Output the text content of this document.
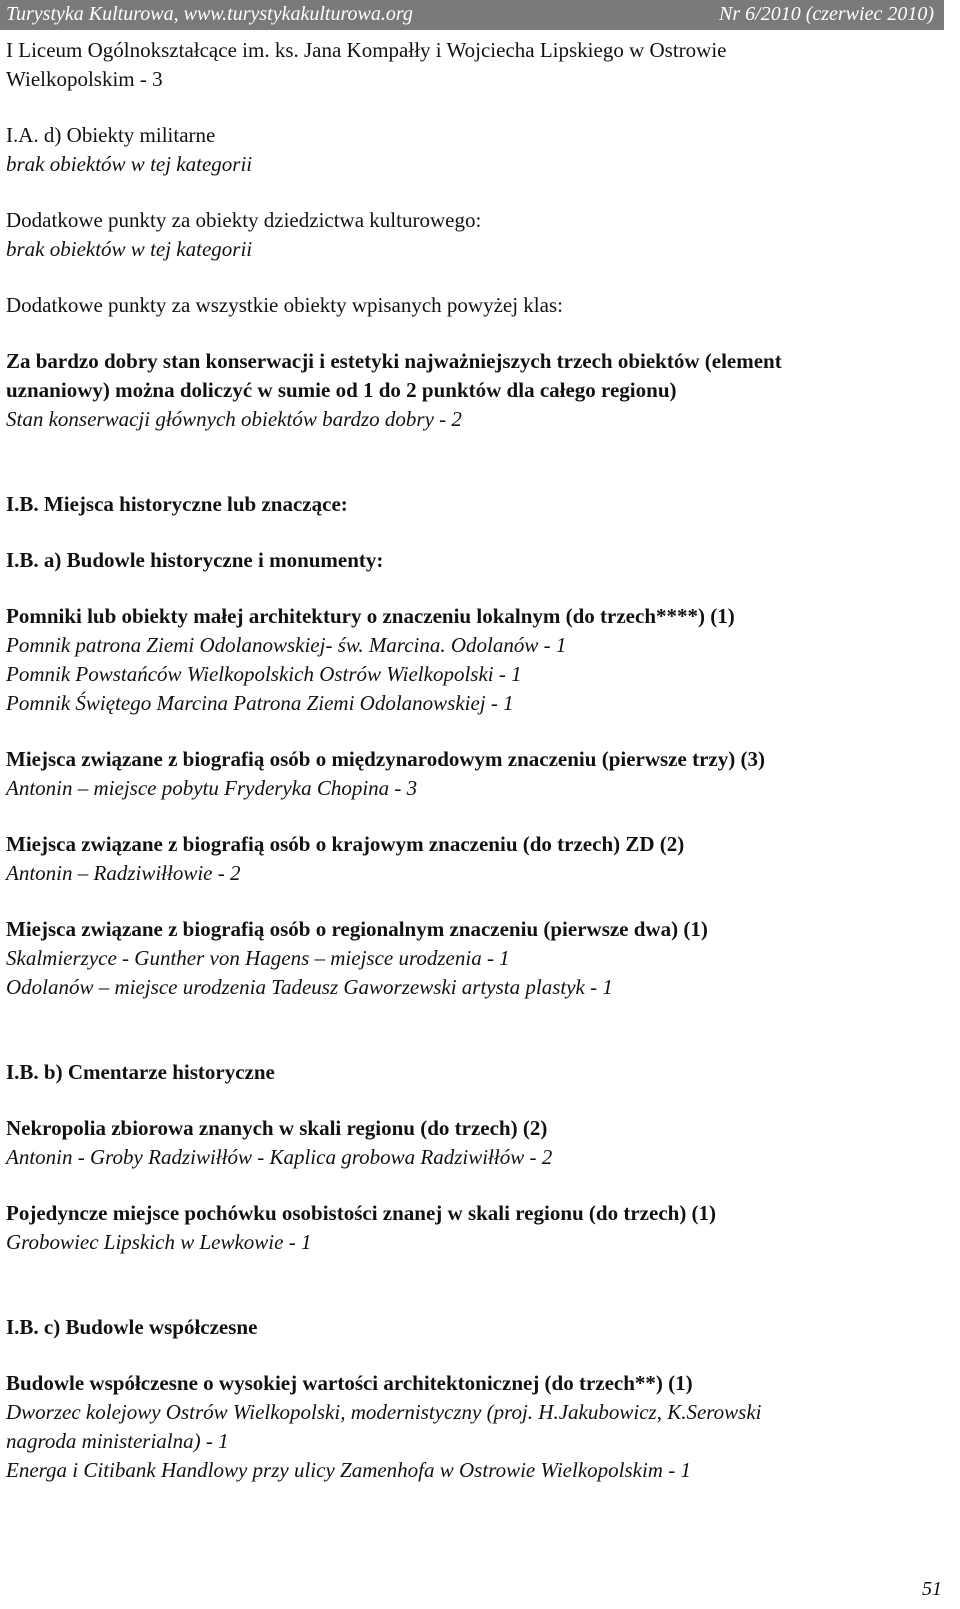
Turystyka Kulturowa, www.turystykakulturowa.org	Nr 6/2010 (czerwiec 2010)
I Liceum Ogólnokształcące im. ks. Jana Kompałły i Wojciecha Lipskiego w Ostrowie
Wielkopolskim - 3
I.A. d) Obiekty militarne
brak obiektów w tej kategorii
Dodatkowe punkty za obiekty dziedzictwa kulturowego:
brak obiektów w tej kategorii
Dodatkowe punkty za wszystkie obiekty wpisanych powyżej klas:
Za bardzo dobry stan konserwacji i estetyki najważniejszych trzech obiektów (element
uznaniowy) można doliczyć w sumie od 1 do 2 punktów dla całego regionu)
Stan konserwacji głównych obiektów bardzo dobry - 2
I.B. Miejsca historyczne lub znaczące:
I.B. a) Budowle historyczne i monumenty:
Pomniki lub obiekty małej architektury o znaczeniu lokalnym (do trzech****) (1)
Pomnik patrona Ziemi Odolanowskiej- św. Marcina. Odolanów - 1
Pomnik Powstańców Wielkopolskich Ostrów Wielkopolski - 1
Pomnik Świętego Marcina Patrona Ziemi Odolanowskiej - 1
Miejsca związane z biografią osób o międzynarodowym znaczeniu (pierwsze trzy) (3)
Antonin – miejsce pobytu Fryderyka Chopina - 3
Miejsca związane z biografią osób o krajowym znaczeniu (do trzech) ZD (2)
Antonin – Radziwiłłowie - 2
Miejsca związane z biografią osób o regionalnym znaczeniu (pierwsze dwa) (1)
Skalmierzyce - Gunther von Hagens – miejsce urodzenia - 1
Odolanów – miejsce urodzenia Tadeusz Gaworzewski artysta plastyk - 1
I.B. b) Cmentarze historyczne
Nekropolia zbiorowa znanych w skali regionu (do trzech) (2)
Antonin - Groby Radziwiłłów - Kaplica grobowa Radziwiłłów - 2
Pojedyncze miejsce pochówku osobistości znanej w skali regionu (do trzech) (1)
Grobowiec Lipskich w Lewkowie - 1
I.B. c) Budowle współczesne
Budowle współczesne o wysokiej wartości architektonicznej (do trzech**) (1)
Dworzec kolejowy Ostrów Wielkopolski, modernistyczny (proj. H.Jakubowicz, K.Serowski
nagroda ministerialna) - 1
Energa i Citibank Handlowy przy ulicy Zamenhofa w Ostrowie Wielkopolskim - 1
51
